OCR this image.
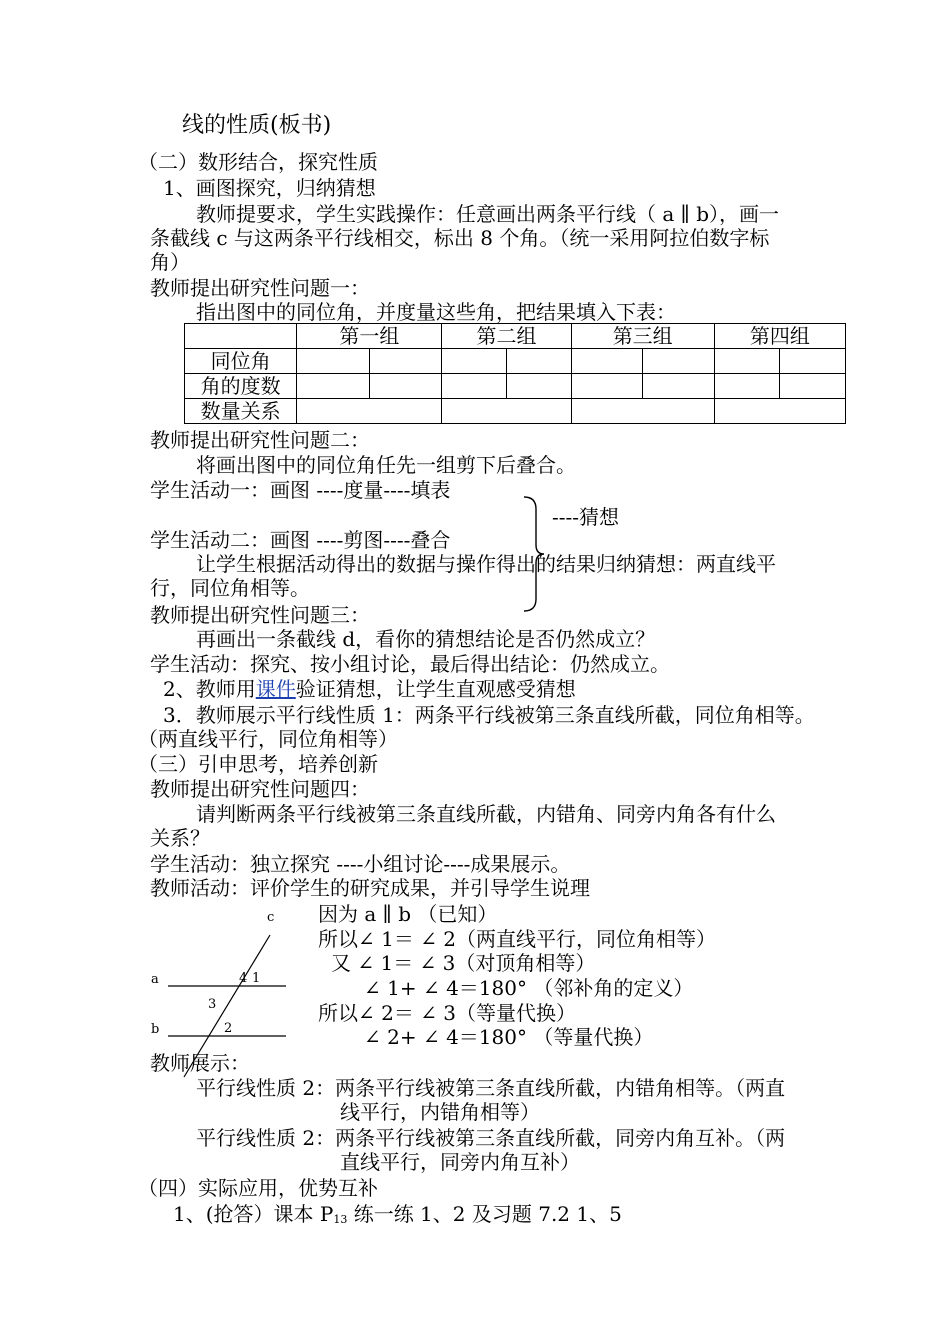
线的性质(板书)
（二）数形结合，探究性质
1、画图探究，归纳猜想
教师提要求，学生实践操作：任意画出两条平行线（ a ∥ b），画一
条截线 c 与这两条平行线相交，标出 8 个角。（统一采用阿拉伯数字标
角）
教师提出研究性问题一：
指出图中的同位角，并度量这些角，把结果填入下表：
	第一组		第二组		第三组		第四组	
同位角								
角的度数								
数量关系								
教师提出研究性问题二：
将画出图中的同位角任先一组剪下后叠合。
学生活动一：画图 ----度量----填表
----猜想
学生活动二：画图 ----剪图----叠合
让学生根据活动得出的数据与操作得出的结果归纳猜想：两直线平
行，同位角相等。
教师提出研究性问题三：
再画出一条截线 d，看你的猜想结论是否仍然成立？
学生活动：探究、按小组讨论，最后得出结论：仍然成立。
2、教师用课件验证猜想，让学生直观感受猜想
3．教师展示平行线性质 1：两条平行线被第三条直线所截，同位角相等。
（两直线平行，同位角相等）
（三）引申思考，培养创新
教师提出研究性问题四：
请判断两条平行线被第三条直线所截，内错角、同旁内角各有什么
关系？
学生活动：独立探究 ----小组讨论----成果展示。
教师活动：评价学生的研究成果，并引导学生说理
c
a
b
4 1
3
2
因为 a ∥ b （已知）
所以∠ 1＝ ∠ 2（两直线平行，同位角相等）
又 ∠ 1＝ ∠ 3（对顶角相等）
∠ 1+ ∠ 4＝180° （邻补角的定义）
所以∠ 2＝ ∠ 3（等量代换）
∠ 2+ ∠ 4＝180° （等量代换）
教师展示：
平行线性质 2：两条平行线被第三条直线所截，内错角相等。（两直
线平行，内错角相等）
平行线性质 2：两条平行线被第三条直线所截，同旁内角互补。（两
直线平行，同旁内角互补）
（四）实际应用，优势互补
1、(抢答）课本 $P_{13}$ 练一练 1、2 及习题 7.2 1、5
